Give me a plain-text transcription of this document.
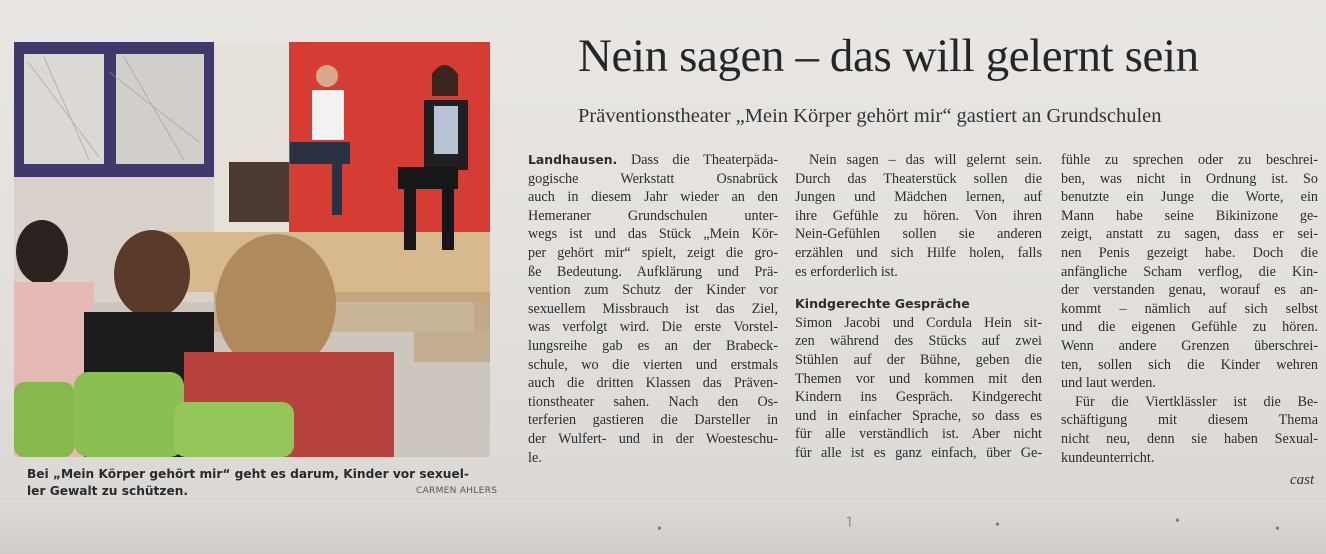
•	˥	•	•
•
Bei „Mein Körper gehört mir“ geht es darum, Kinder vor sexuel-
ler Gewalt zu schützen.	CARMEN AHLERS
Nein sagen – das will gelernt sein
Präventionstheater „Mein Körper gehört mir“ gastiert an Grundschulen
Landhausen. Dass die Theaterpäda-
gogische Werkstatt Osnabrück
auch in diesem Jahr wieder an den
Hemeraner Grundschulen unter-
wegs ist und das Stück „Mein Kör-
per gehört mir“ spielt, zeigt die gro-
ße Bedeutung. Aufklärung und Prä-
vention zum Schutz der Kinder vor
sexuellem Missbrauch ist das Ziel,
was verfolgt wird. Die erste Vorstel-
lungsreihe gab es an der Brabeck-
schule, wo die vierten und erstmals
auch die dritten Klassen das Präven-
tionstheater sahen. Nach den Os-
terferien gastieren die Darsteller in
der Wulfert- und in der Woesteschu-
le.
Nein sagen – das will gelernt sein.
Durch das Theaterstück sollen die
Jungen und Mädchen lernen, auf
ihre Gefühle zu hören. Von ihren
Nein-Gefühlen sollen sie anderen
erzählen und sich Hilfe holen, falls
es erforderlich ist.
Kindgerechte Gespräche
Simon Jacobi und Cordula Hein sit-
zen während des Stücks auf zwei
Stühlen auf der Bühne, geben die
Themen vor und kommen mit den
Kindern ins Gespräch. Kindgerecht
und in einfacher Sprache, so dass es
für alle verständlich ist. Aber nicht
für alle ist es ganz einfach, über Ge-
fühle zu sprechen oder zu beschrei-
ben, was nicht in Ordnung ist. So
benutzte ein Junge die Worte, ein
Mann habe seine Bikinizone ge-
zeigt, anstatt zu sagen, dass er sei-
nen Penis gezeigt habe. Doch die
anfängliche Scham verflog, die Kin-
der verstanden genau, worauf es an-
kommt – nämlich auf sich selbst
und die eigenen Gefühle zu hören.
Wenn andere Grenzen überschrei-
ten, sollen sich die Kinder wehren
und laut werden.
Für die Viertklässler ist die Be-
schäftigung mit diesem Thema
nicht neu, denn sie haben Sexual-
kundeunterricht.
cast
